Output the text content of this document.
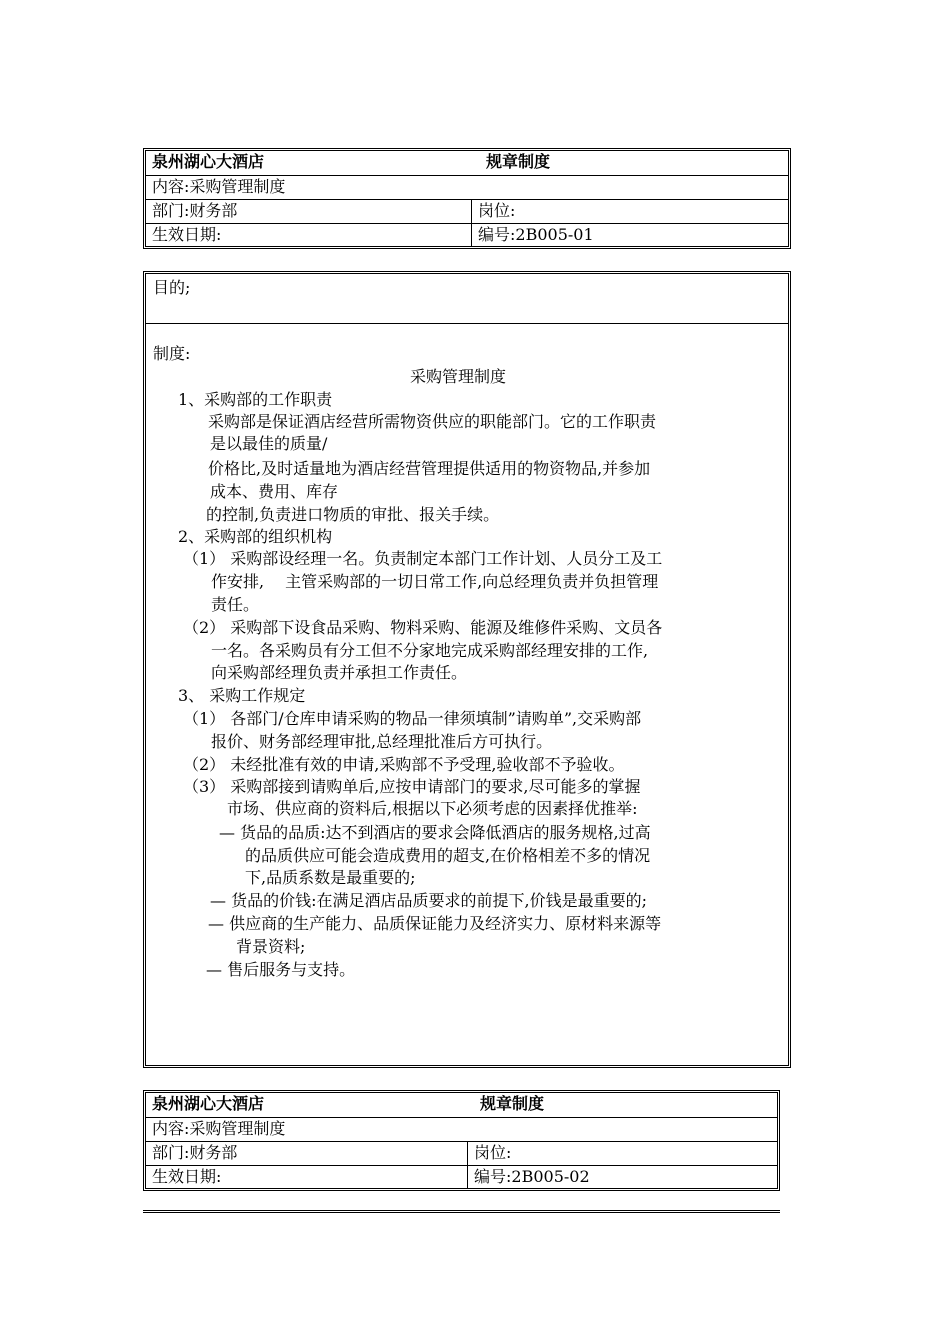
泉州湖心大酒店	规章制度
内容:采购管理制度
部门:财务部	岗位:
生效日期:	编号:2B005-01
目的;
制度:
采购管理制度
1、采购部的工作职责
采购部是保证酒店经营所需物资供应的职能部门。它的工作职责
是以最佳的质量/
价格比,及时适量地为酒店经营管理提供适用的物资物品,并参加
成本、费用、库存
的控制,负责进口物质的审批、报关手续。
2、采购部的组织机构
（1） 采购部设经理一名。负责制定本部门工作计划、人员分工及工
作安排,　 主管采购部的一切日常工作,向总经理负责并负担管理
责任。
（2） 采购部下设食品采购、物料采购、能源及维修件采购、文员各
一名。各采购员有分工但不分家地完成采购部经理安排的工作,
向采购部经理负责并承担工作责任。
3、 采购工作规定
（1） 各部门/仓库申请采购的物品一律须填制”请购单”,交采购部
报价、财务部经理审批,总经理批准后方可执行。
（2） 未经批准有效的申请,采购部不予受理,验收部不予验收。
（3） 采购部接到请购单后,应按申请部门的要求,尽可能多的掌握
市场、供应商的资料后,根据以下必须考虑的因素择优推举:
— 货品的品质:达不到酒店的要求会降低酒店的服务规格,过高
的品质供应可能会造成费用的超支,在价格相差不多的情况
下,品质系数是最重要的;
— 货品的价钱:在满足酒店品质要求的前提下,价钱是最重要的;
— 供应商的生产能力、品质保证能力及经济实力、原材料来源等
背景资料;
— 售后服务与支持。
泉州湖心大酒店	规章制度
内容:采购管理制度
部门:财务部	岗位:
生效日期:	编号:2B005-02
